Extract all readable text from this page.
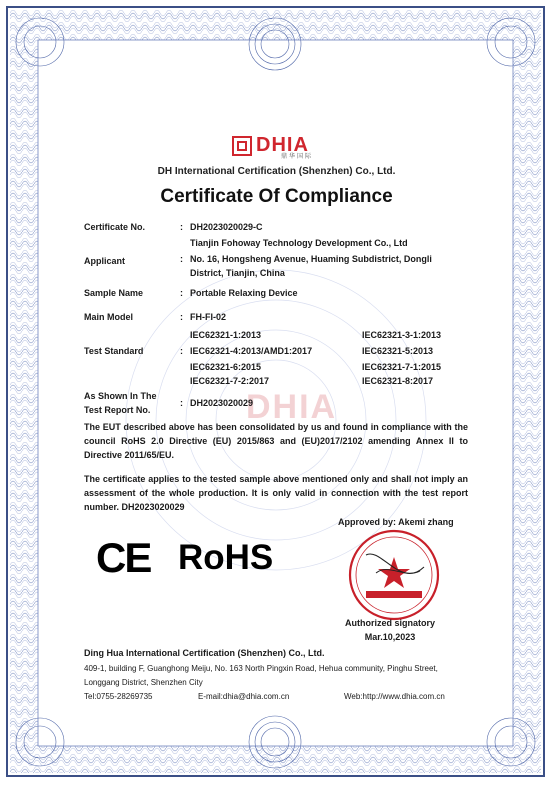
DHIA
DHIA
鼎华国际
DH International Certification (Shenzhen) Co., Ltd.
Certificate Of Compliance
Certificate No.	: DH2023020029-C
Tianjin Fohoway Technology Development Co., Ltd
Applicant	: No. 16, Hongsheng Avenue, Huaming Subdistrict, Dongli
District, Tianjin, China
Sample Name	: Portable Relaxing Device
Main Model	: FH-FI-02
IEC62321-1:2013	IEC62321-3-1:2013
Test Standard	: IEC62321-4:2013/AMD1:2017	IEC62321-5:2013
IEC62321-6:2015	IEC62321-7-1:2015
IEC62321-7-2:2017	IEC62321-8:2017
As Shown In The
Test Report No.
: DH2023020029
The EUT described above has been consolidated by us and found in compliance with the council RoHS 2.0 Directive (EU) 2015/863 and (EU)2017/2102 amending Annex II to Directive 2011/65/EU.
The certificate applies to the tested sample above mentioned only and shall not imply an assessment of the whole production. It is only valid in connection with the test report number. DH2023020029
Approved by: Akemi zhang
CE RoHS
Authorized signatory
Mar.10,2023
Ding Hua International Certification (Shenzhen) Co., Ltd.
409-1, building F, Guanghong Meiju, No. 163 North Pingxin Road, Hehua community, Pinghu Street,
Longgang District, Shenzhen City
Tel:0755-28269735	E-mail:dhia@dhia.com.cn	Web:http://www.dhia.com.cn
